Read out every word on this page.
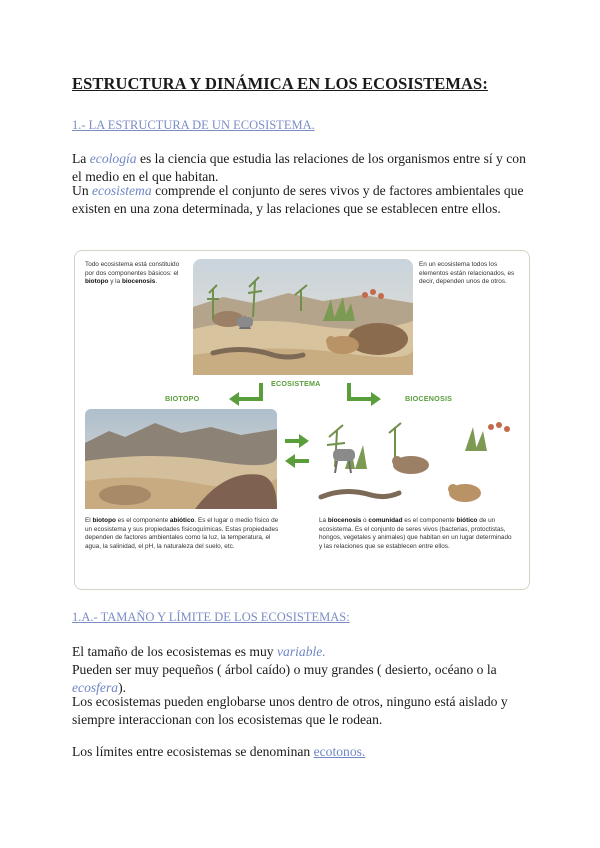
ESTRUCTURA Y DINÁMICA EN LOS ECOSISTEMAS:
1.- LA ESTRUCTURA DE UN ECOSISTEMA.

La ecología es la ciencia que estudia las relaciones de los organismos entre sí y con el medio en el que habitan.

Un ecosistema comprende el conjunto de seres vivos y de factores ambientales que existen en una zona determinada, y las relaciones que se establecen entre ellos.

Todo ecosistema está constituido por dos componentes básicos: el biotopo y la biocenosis.

En un ecosistema todos los elementos están relacionados, es decir, dependen unos de otros.

ECOSISTEMA
BIOTOPO	BIOCENOSIS

El biotopo es el componente abiótico. Es el lugar o medio físico de un ecosistema y sus propiedades fisicoquímicas. Estas propiedades dependen de factores ambientales como la luz, la temperatura, el agua, la salinidad, el pH, la naturaleza del suelo, etc.

La biocenosis o comunidad es el componente biótico de un ecosistema. Es el conjunto de seres vivos (bacterias, protoctistas, hongos, vegetales y animales) que habitan en un lugar determinado y las relaciones que se establecen entre ellos.

1.A.- TAMAÑO Y LÍMITE DE LOS ECOSISTEMAS:

El tamaño de los ecosistemas es muy variable.

Pueden ser muy pequeños ( árbol caído) o muy grandes ( desierto, océano o la ecosfera).

Los ecosistemas pueden englobarse unos dentro de otros, ninguno está aislado y siempre interaccionan con los ecosistemas que le rodean.

Los límites entre ecosistemas se denominan ecotonos.
